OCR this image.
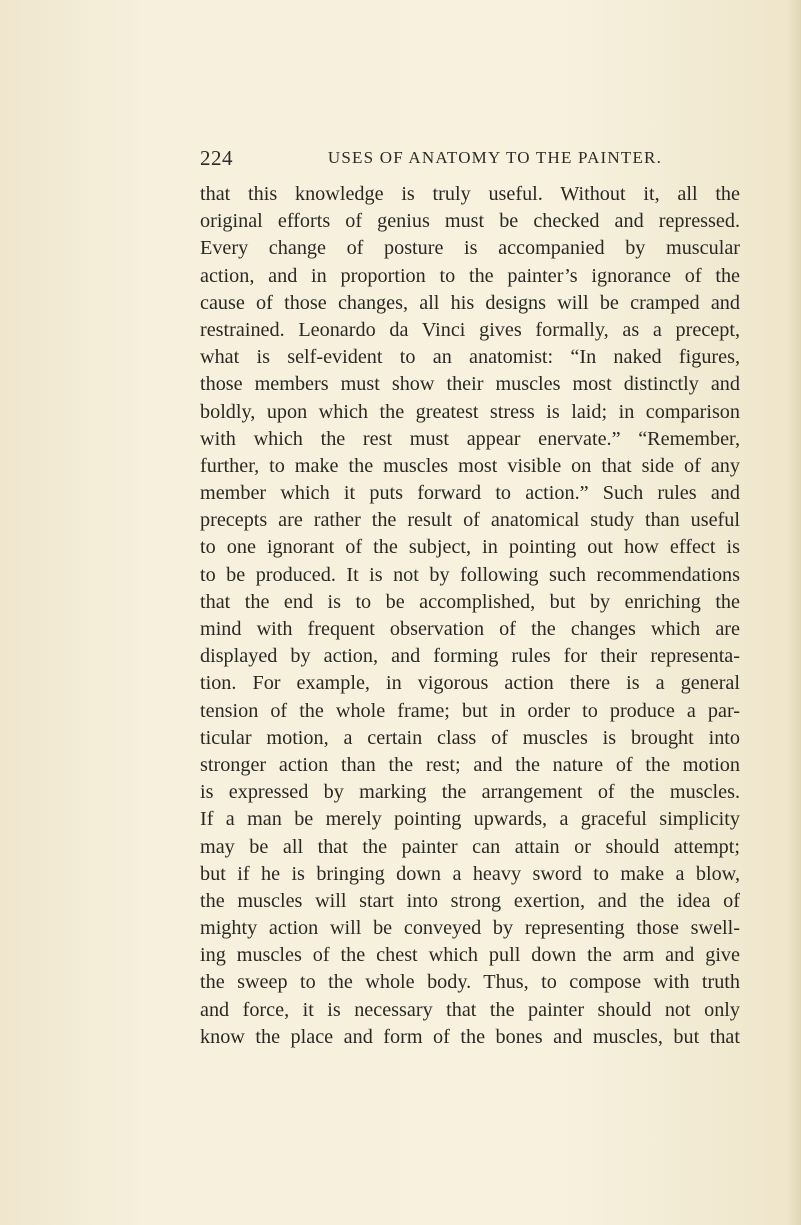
224	USES OF ANATOMY TO THE PAINTER.
that this knowledge is truly useful. Without it, all the
original efforts of genius must be checked and repressed.
Every change of posture is accompanied by muscular
action, and in proportion to the painter’s ignorance of the
cause of those changes, all his designs will be cramped and
restrained. Leonardo da Vinci gives formally, as a precept,
what is self-evident to an anatomist: “In naked figures,
those members must show their muscles most distinctly and
boldly, upon which the greatest stress is laid; in comparison
with which the rest must appear enervate.” “Remember,
further, to make the muscles most visible on that side of any
member which it puts forward to action.” Such rules and
precepts are rather the result of anatomical study than useful
to one ignorant of the subject, in pointing out how effect is
to be produced. It is not by following such recommendations
that the end is to be accomplished, but by enriching the
mind with frequent observation of the changes which are
displayed by action, and forming rules for their representa-
tion. For example, in vigorous action there is a general
tension of the whole frame; but in order to produce a par-
ticular motion, a certain class of muscles is brought into
stronger action than the rest; and the nature of the motion
is expressed by marking the arrangement of the muscles.
If a man be merely pointing upwards, a graceful simplicity
may be all that the painter can attain or should attempt;
but if he is bringing down a heavy sword to make a blow,
the muscles will start into strong exertion, and the idea of
mighty action will be conveyed by representing those swell-
ing muscles of the chest which pull down the arm and give
the sweep to the whole body. Thus, to compose with truth
and force, it is necessary that the painter should not only
know the place and form of the bones and muscles, but that
